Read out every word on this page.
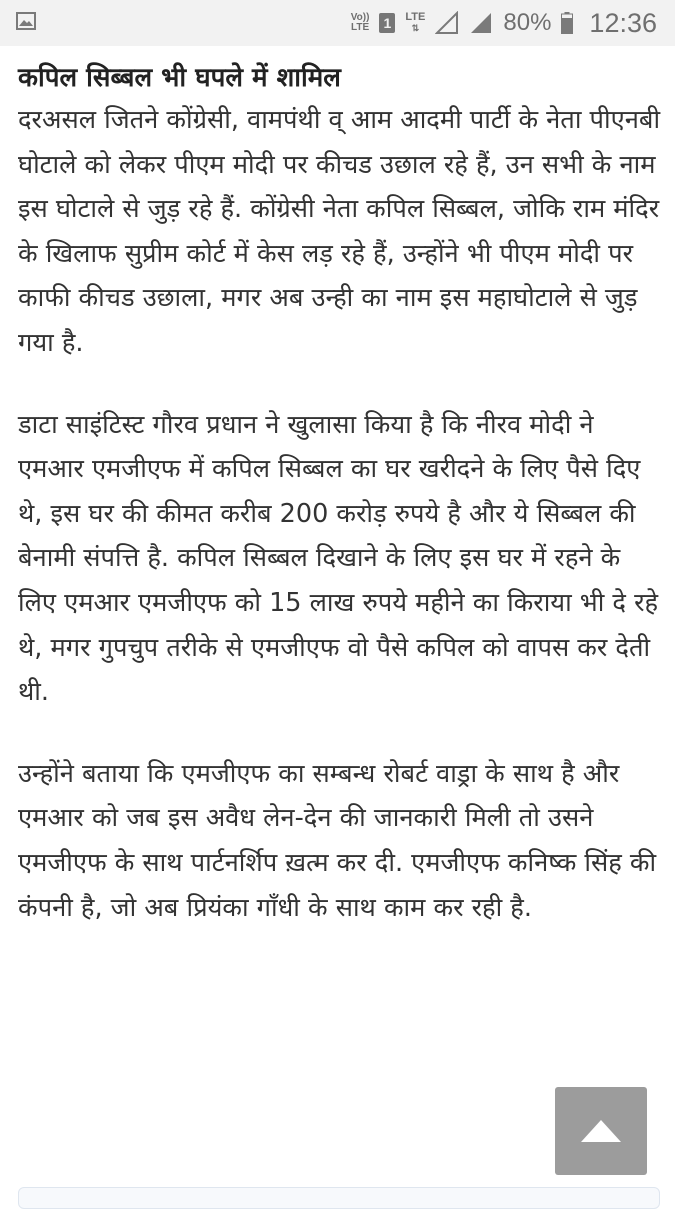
Vo))
LTE 1	LTE
⇅	80% 12:36
कपिल सिब्बल भी घपले में शामिल

दरअसल जितने कोंग्रेसी, वामपंथी व् आम आदमी पार्टी के नेता पीएनबी घोटाले को लेकर पीएम मोदी पर कीचड उछाल रहे हैं, उन सभी के नाम इस घोटाले से जुड़ रहे हैं. कोंग्रेसी नेता कपिल सिब्बल, जोकि राम मंदिर के खिलाफ सुप्रीम कोर्ट में केस लड़ रहे हैं, उन्होंने भी पीएम मोदी पर काफी कीचड उछाला, मगर अब उन्ही का नाम इस महाघोटाले से जुड़ गया है.

डाटा साइंटिस्ट गौरव प्रधान ने खुलासा किया है कि नीरव मोदी ने एमआर एमजीएफ में कपिल सिब्बल का घर खरीदने के लिए पैसे दिए थे, इस घर की कीमत करीब 200 करोड़ रुपये है और ये सिब्बल की बेनामी संपत्ति है. कपिल सिब्बल दिखाने के लिए इस घर में रहने के लिए एमआर एमजीएफ को 15 लाख रुपये महीने का किराया भी दे रहे थे, मगर गुपचुप तरीके से एमजीएफ वो पैसे कपिल को वापस कर देती थी.

उन्होंने बताया कि एमजीएफ का सम्बन्ध रोबर्ट वाड्रा के साथ है और एमआर को जब इस अवैध लेन-देन की जानकारी मिली तो उसने एमजीएफ के साथ पार्टनर्शिप ख़त्म कर दी. एमजीएफ कनिष्क सिंह की कंपनी है, जो अब प्रियंका गाँधी के साथ काम कर रही है.
